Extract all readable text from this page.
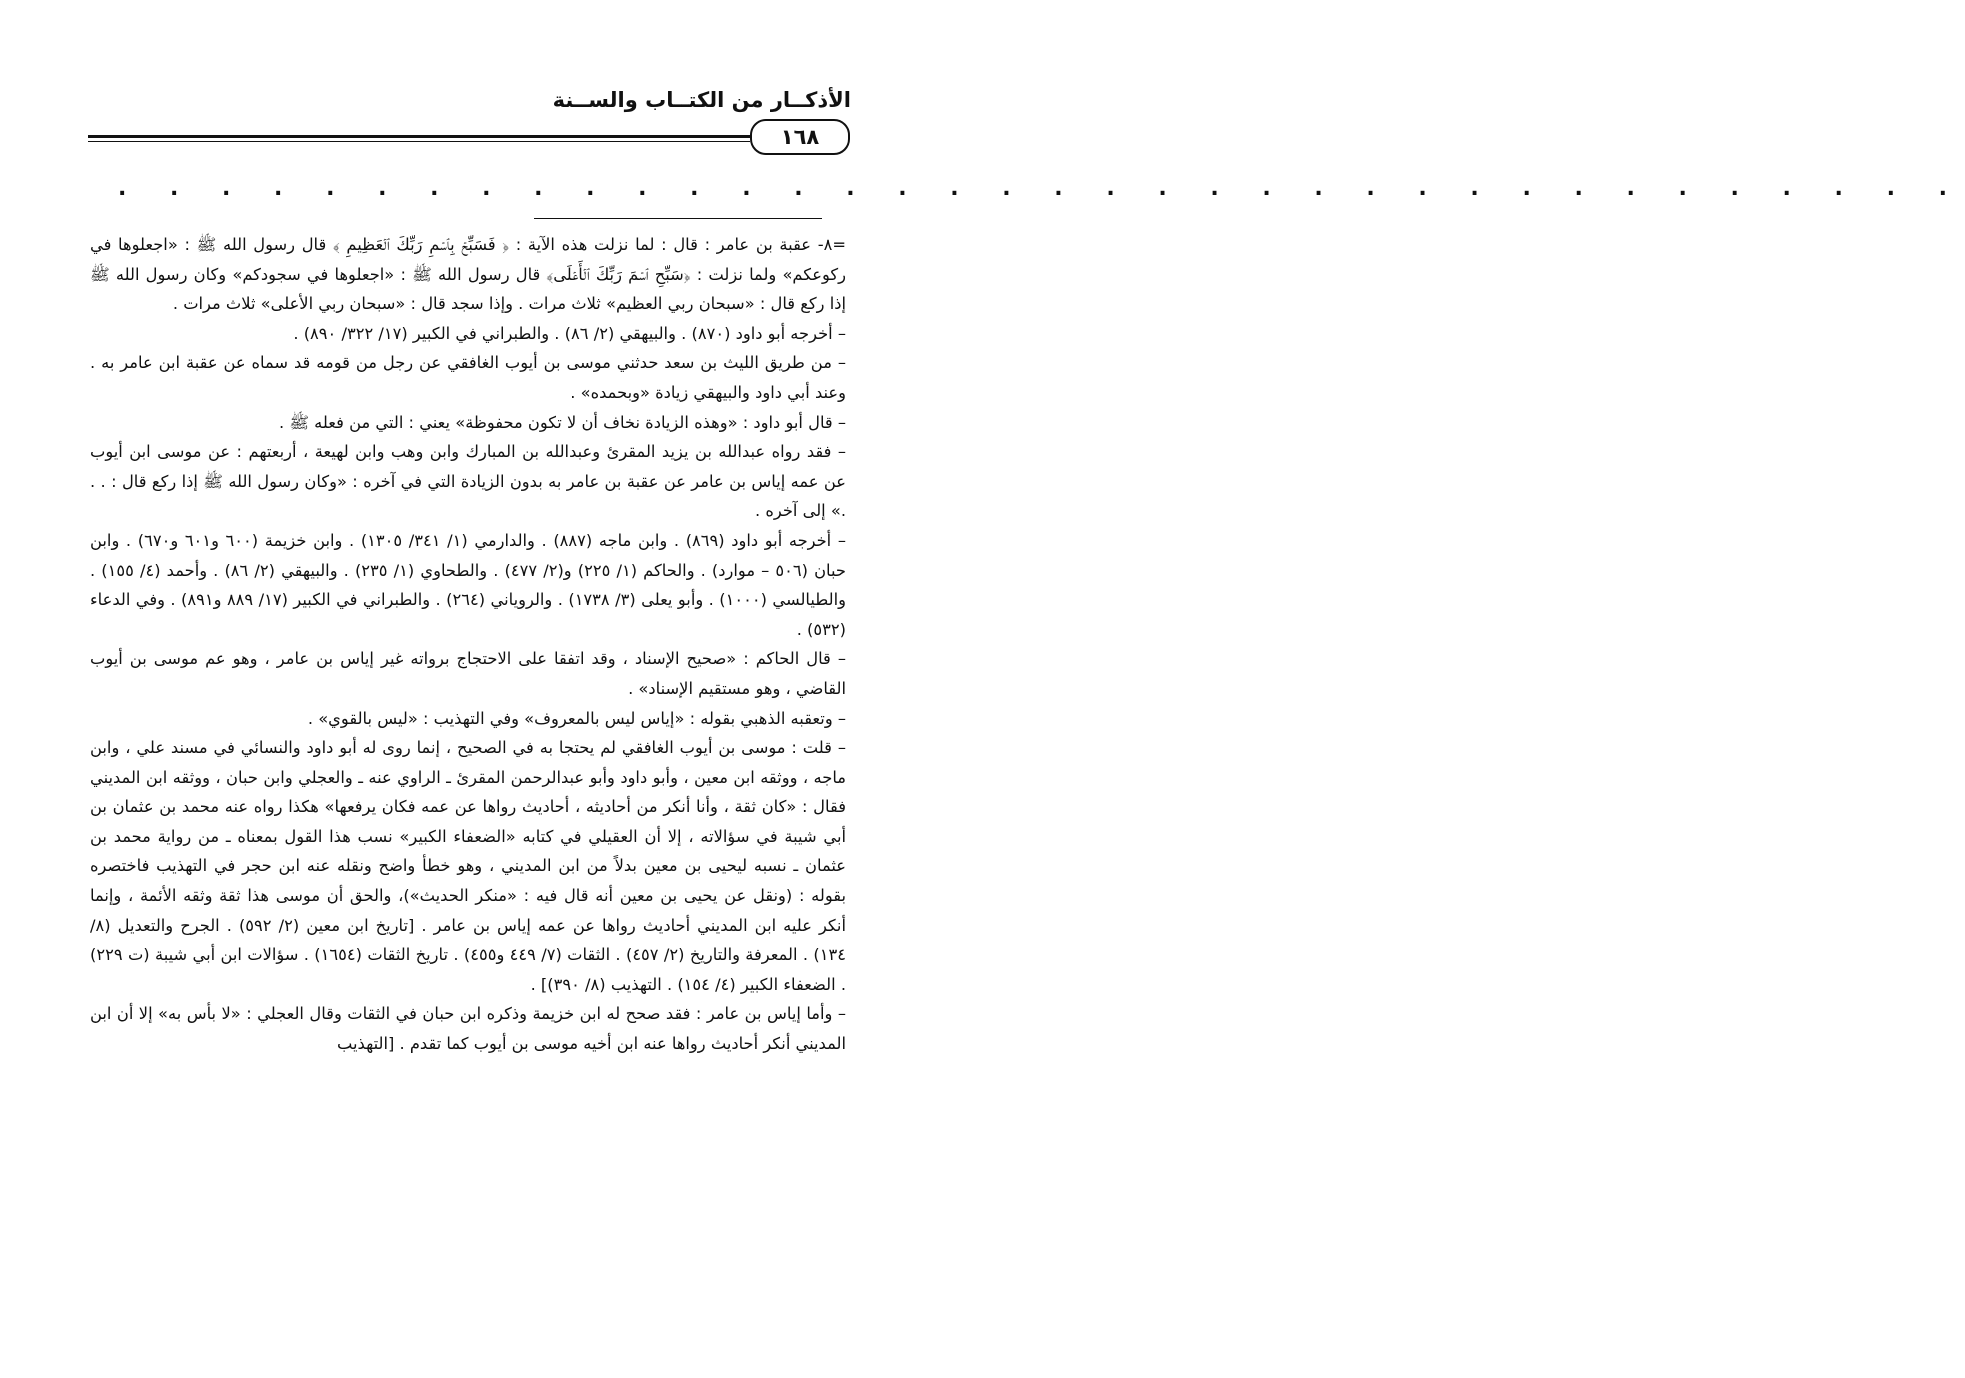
الأذكــار من الكتــاب والســنة
١٦٨
. . . . . . . . . . . . . . . . . . . . . . . . . . . . . . . . . . . .

=٨- عقبة بن عامر : قال : لما نزلت هذه الآية : ﴿ فَسَبِّحۡ بِٱسۡمِ رَبِّكَ ٱلۡعَظِيمِ ﴾ قال رسول الله ﷺ : «اجعلوها في ركوعكم» ولما نزلت : ﴿سَبِّحِ ٱسۡمَ رَبِّكَ ٱلۡأَعۡلَى﴾ قال رسول الله ﷺ : «اجعلوها في سجودكم» وكان رسول الله ﷺ إذا ركع قال : «سبحان ربي العظيم» ثلاث مرات . وإذا سجد قال : «سبحان ربي الأعلى» ثلاث مرات .

– أخرجه أبو داود (٨٧٠) . والبيهقي (٢/ ٨٦) . والطبراني في الكبير (١٧/ ٣٢٢/ ٨٩٠) .

– من طريق الليث بن سعد حدثني موسى بن أيوب الغافقي عن رجل من قومه قد سماه عن عقبة ابن عامر به . وعند أبي داود والبيهقي زيادة «وبحمده» .

– قال أبو داود : «وهذه الزيادة نخاف أن لا تكون محفوظة» يعني : التي من فعله ﷺ .

– فقد رواه عبدالله بن يزيد المقرئ وعبدالله بن المبارك وابن وهب وابن لهيعة ، أربعتهم : عن موسى ابن أيوب عن عمه إياس بن عامر عن عقبة بن عامر به بدون الزيادة التي في آخره : «وكان رسول الله ﷺ إذا ركع قال : . . .» إلى آخره .

– أخرجه أبو داود (٨٦٩) . وابن ماجه (٨٨٧) . والدارمي (١/ ٣٤١/ ١٣٠٥) . وابن خزيمة (٦٠٠ و٦٠١ و٦٧٠) . وابن حبان (٥٠٦ – موارد) . والحاكم (١/ ٢٢٥) و(٢/ ٤٧٧) . والطحاوي (١/ ٢٣٥) . والبيهقي (٢/ ٨٦) . وأحمد (٤/ ١٥٥) . والطيالسي (١٠٠٠) . وأبو يعلى (٣/ ١٧٣٨) . والروياني (٢٦٤) . والطبراني في الكبير (١٧/ ٨٨٩ و٨٩١) . وفي الدعاء (٥٣٢) .

– قال الحاكم : «صحيح الإسناد ، وقد اتفقا على الاحتجاج برواته غير إياس بن عامر ، وهو عم موسى بن أيوب القاضي ، وهو مستقيم الإسناد» .

– وتعقبه الذهبي بقوله : «إياس ليس بالمعروف» وفي التهذيب : «ليس بالقوي» .

– قلت : موسى بن أيوب الغافقي لم يحتجا به في الصحيح ، إنما روى له أبو داود والنسائي في مسند علي ، وابن ماجه ، ووثقه ابن معين ، وأبو داود وأبو عبدالرحمن المقرئ ـ الراوي عنه ـ والعجلي وابن حبان ، ووثقه ابن المديني فقال : «كان ثقة ، وأنا أنكر من أحاديثه ، أحاديث رواها عن عمه فكان يرفعها» هكذا رواه عنه محمد بن عثمان بن أبي شيبة في سؤالاته ، إلا أن العقيلي في كتابه «الضعفاء الكبير» نسب هذا القول بمعناه ـ من رواية محمد بن عثمان ـ نسبه ليحيى بن معين بدلاً من ابن المديني ، وهو خطأ واضح ونقله عنه ابن حجر في التهذيب فاختصره بقوله : (ونقل عن يحيى بن معين أنه قال فيه : «منكر الحديث»)، والحق أن موسى هذا ثقة وثقه الأئمة ، وإنما أنكر عليه ابن المديني أحاديث رواها عن عمه إياس بن عامر . [تاريخ ابن معين (٢/ ٥٩٢) . الجرح والتعديل (٨/ ١٣٤) . المعرفة والتاريخ (٢/ ٤٥٧) . الثقات (٧/ ٤٤٩ و٤٥٥) . تاريخ الثقات (١٦٥٤) . سؤالات ابن أبي شيبة (ت ٢٢٩) . الضعفاء الكبير (٤/ ١٥٤) . التهذيب (٨/ ٣٩٠)] .

– وأما إياس بن عامر : فقد صحح له ابن خزيمة وذكره ابن حبان في الثقات وقال العجلي : «لا بأس به» إلا أن ابن المديني أنكر أحاديث رواها عنه ابن أخيه موسى بن أيوب كما تقدم . [التهذيب
